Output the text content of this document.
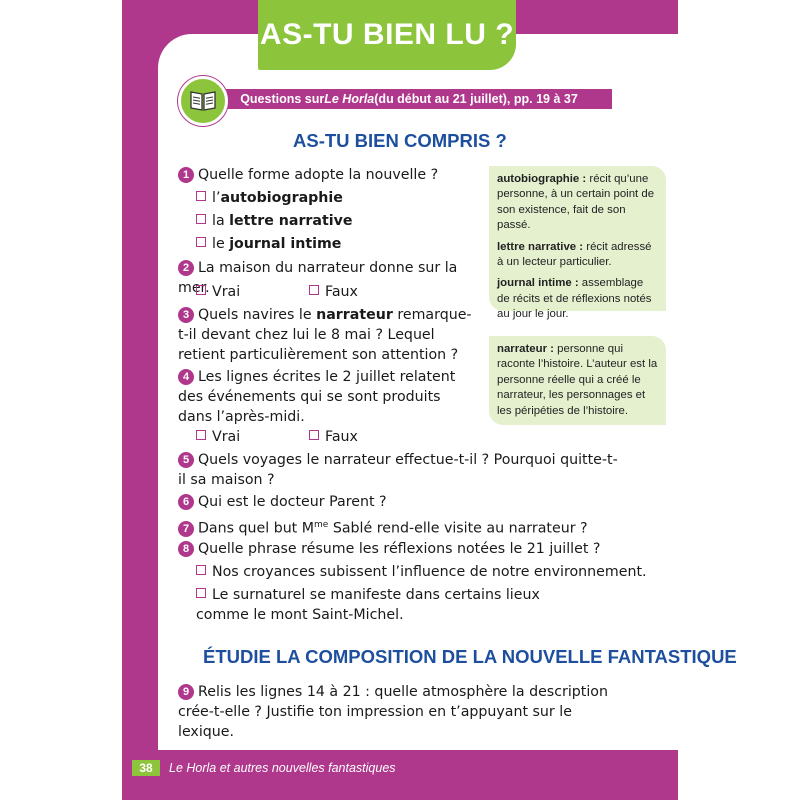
AS-TU BIEN LU ?
Questions sur Le Horla (du début au 21 juillet), pp. 19 à 37
AS-TU BIEN COMPRIS ?
1 Quelle forme adopte la nouvelle ?
l’autobiographie
la lettre narrative
le journal intime
2 La maison du narrateur donne sur la mer. Vrai	Faux
3 Quels navires le narrateur remarque-t-il devant chez lui le 8 mai ? Lequel retient particulièrement son attention ?
4 Les lignes écrites le 2 juillet relatent des événements qui se sont produits dans l’après-midi.
Vrai	Faux
5 Quels voyages le narrateur effectue-t-il ? Pourquoi quitte-t-il sa maison ?
6 Qui est le docteur Parent ?
7 Dans quel but $M^{me}$ Sablé rend-elle visite au narrateur ?
8 Quelle phrase résume les réflexions notées le 21 juillet ?
Nos croyances subissent l’influence de notre environnement.
Le surnaturel se manifeste dans certains lieux comme le mont Saint-Michel.
ÉTUDIE LA COMPOSITION DE LA NOUVELLE FANTASTIQUE
9 Relis les lignes 14 à 21 : quelle atmosphère la description crée-t-elle ? Justifie ton impression en t’appuyant sur le lexique.

autobiographie : récit qu’une personne, à un certain point de son existence, fait de son passé.

lettre narrative : récit adressé à un lecteur particulier.

journal intime : assemblage de récits et de réflexions notés au jour le jour.

narrateur : personne qui raconte l’histoire. L’auteur est la personne réelle qui a créé le narrateur, les personnages et les péripéties de l’histoire.

38	Le Horla et autres nouvelles fantastiques
